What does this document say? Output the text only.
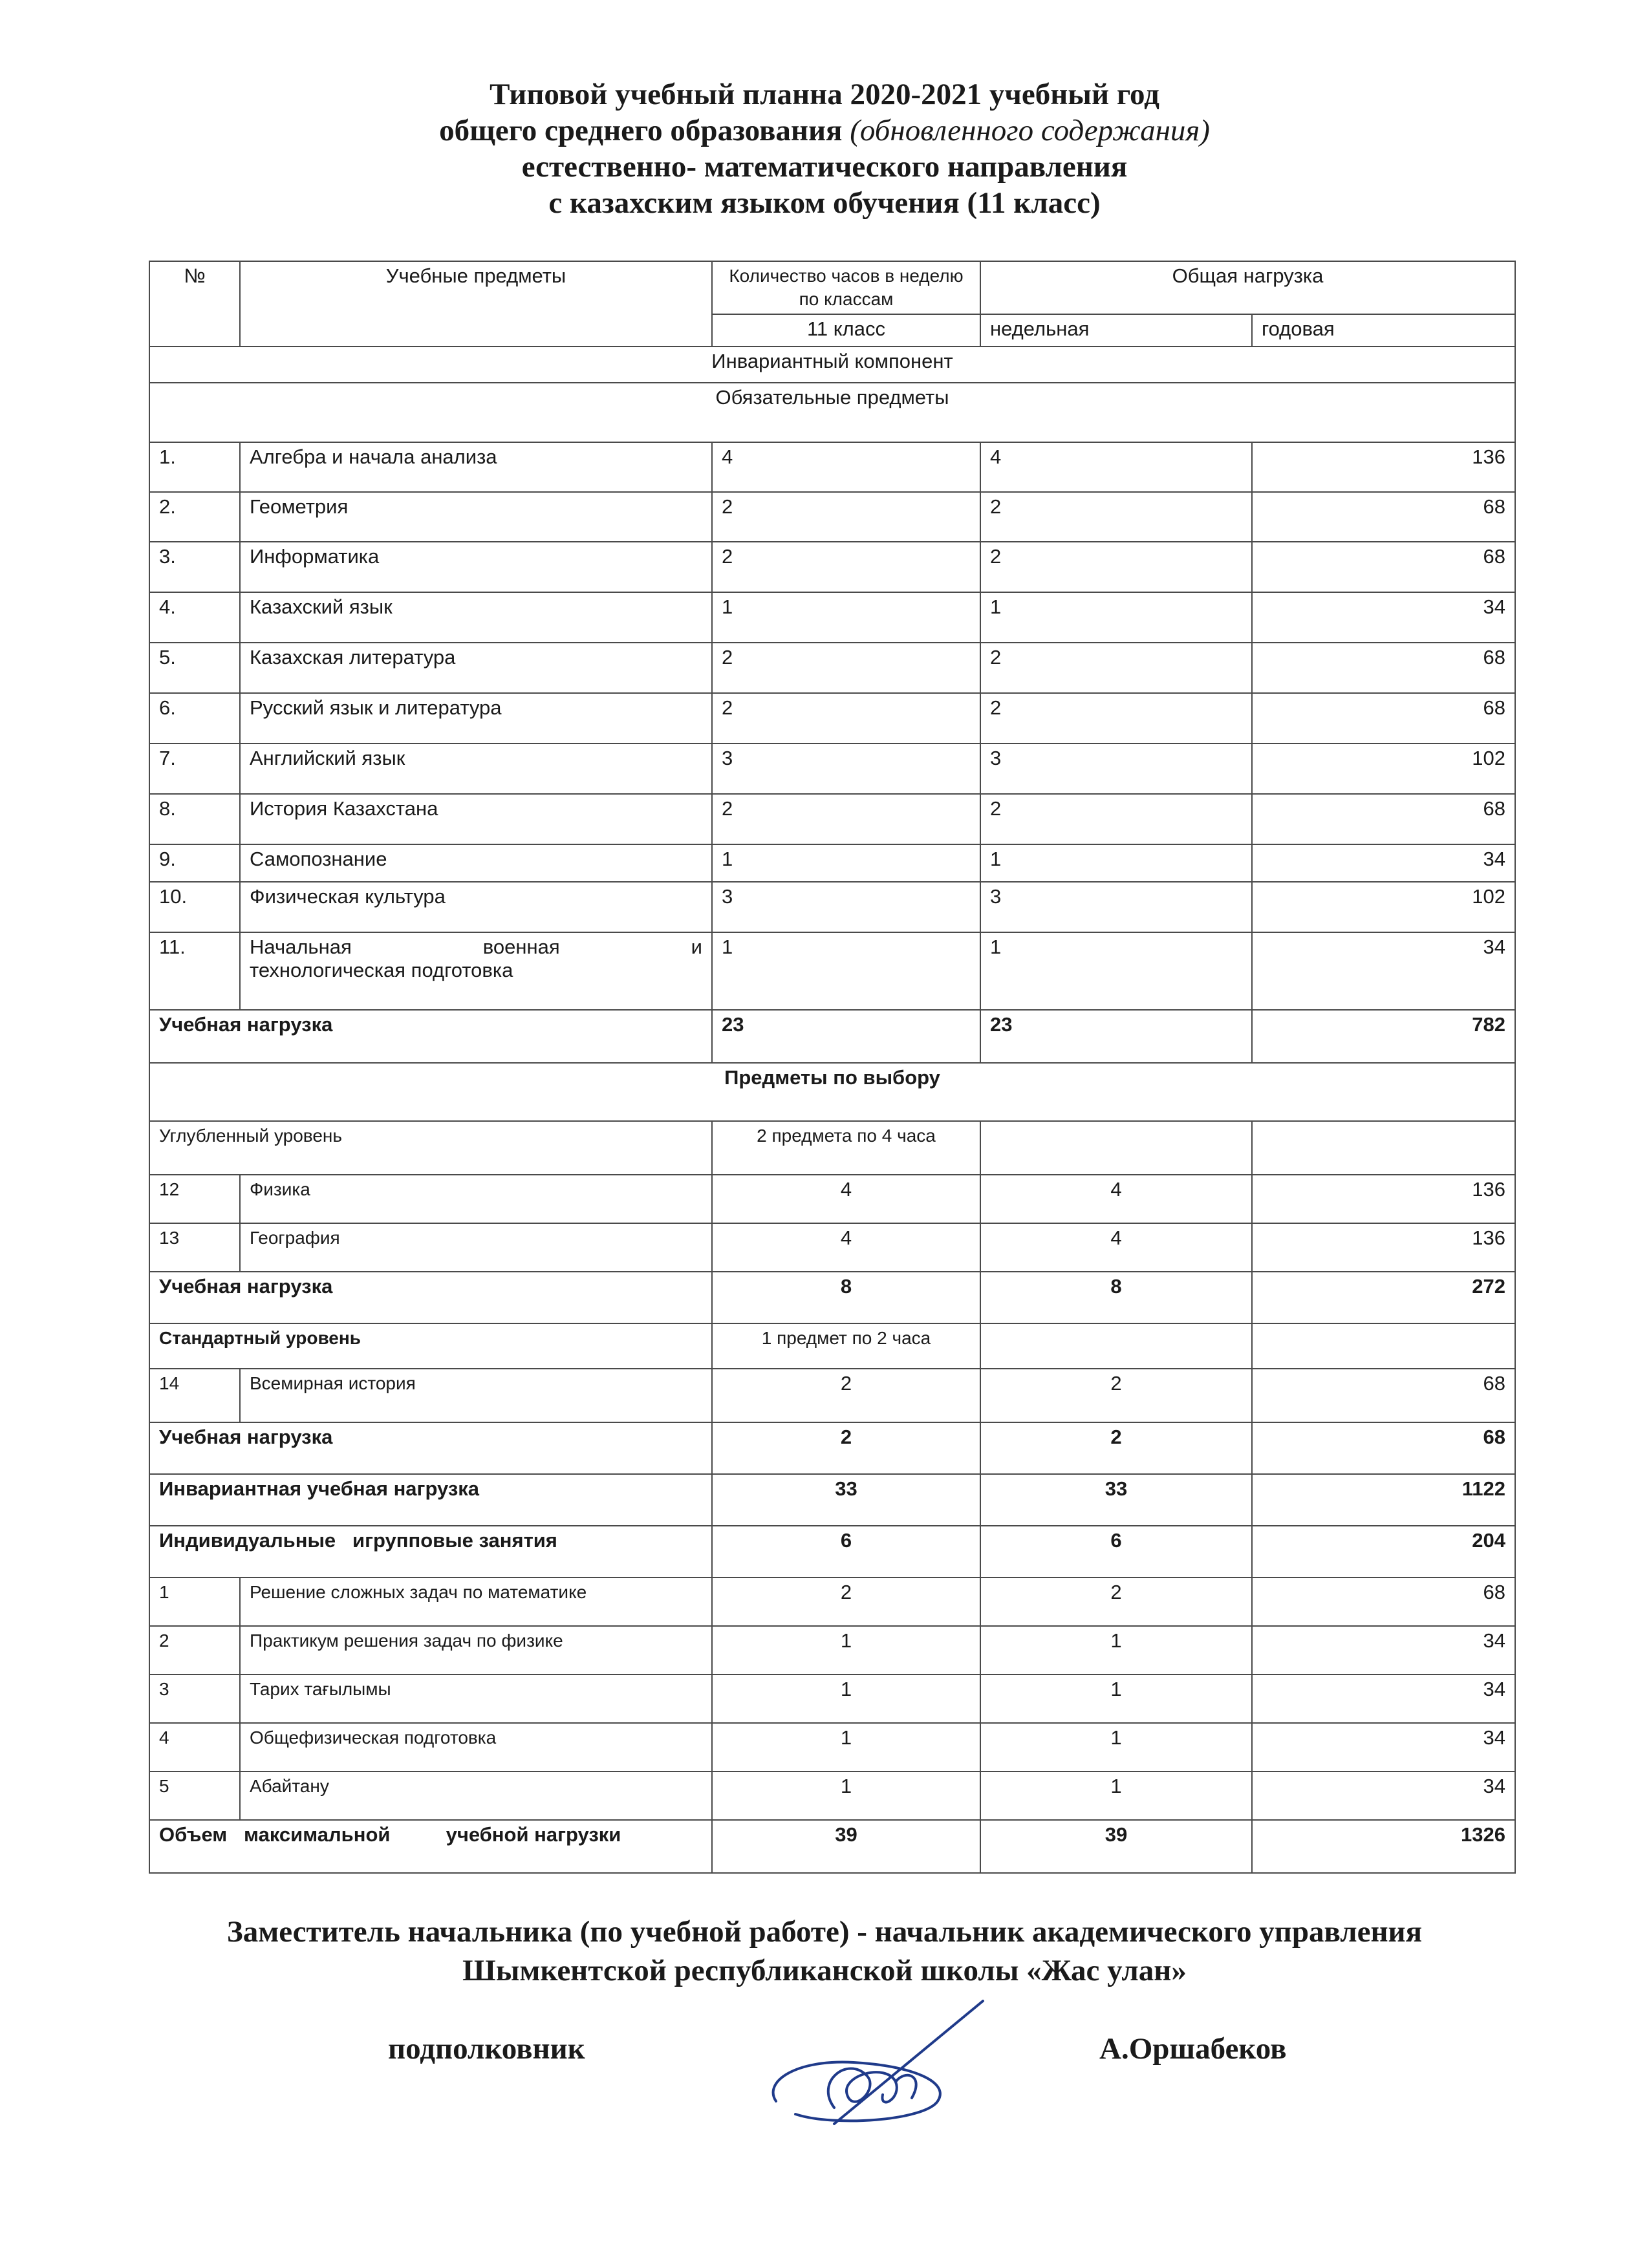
Типовой учебный планна 2020-2021 учебный год
общего среднего образования (обновленного содержания)
естественно- математического направления
с казахским языком обучения (11 класс)
№	Учебные предметы	Количество часов в неделю по классам	Общая нагрузка	
		11 класс	недельная	годовая
Инвариантный компонент				
Обязательные предметы				
1.	Алгебра и начала анализа	4	4	136
2.	Геометрия	2	2	68
3.	Информатика	2	2	68
4.	Казахский язык	1	1	34
5.	Казахская литература	2	2	68
6.	Русский язык и литература	2	2	68
7.	Английский язык	3	3	102
8.	История Казахстана	2	2	68
9.	Самопознание	1	1	34
10.	Физическая культура	3	3	102
11.	Начальная военная и
технологическая подготовка	1	1	34
Учебная нагрузка		23	23	782
Предметы по выбору				
Углубленный уровень		2 предмета по 4 часа		
12	Физика	4	4	136
13	География	4	4	136
Учебная нагрузка		8	8	272
Стандартный уровень		1 предмет по 2 часа		
14	Всемирная история	2	2	68
Учебная нагрузка		2	2	68
Инвариантная учебная нагрузка		33	33	1122
Индивидуальные   игрупповые занятия		6	6	204
1	Решение сложных задач по математике	2	2	68
2	Практикум решения задач по физике	1	1	34
3	Тарих тағылымы	1	1	34
4	Общефизическая подготовка	1	1	34
5	Абайтану	1	1	34
Объем   максимальной          учебной нагрузки		39	39	1326
Заместитель начальника (по учебной работе) - начальник академического управления
Шымкентской республиканской школы «Жас улан»
подполковник	А.Оршабеков
